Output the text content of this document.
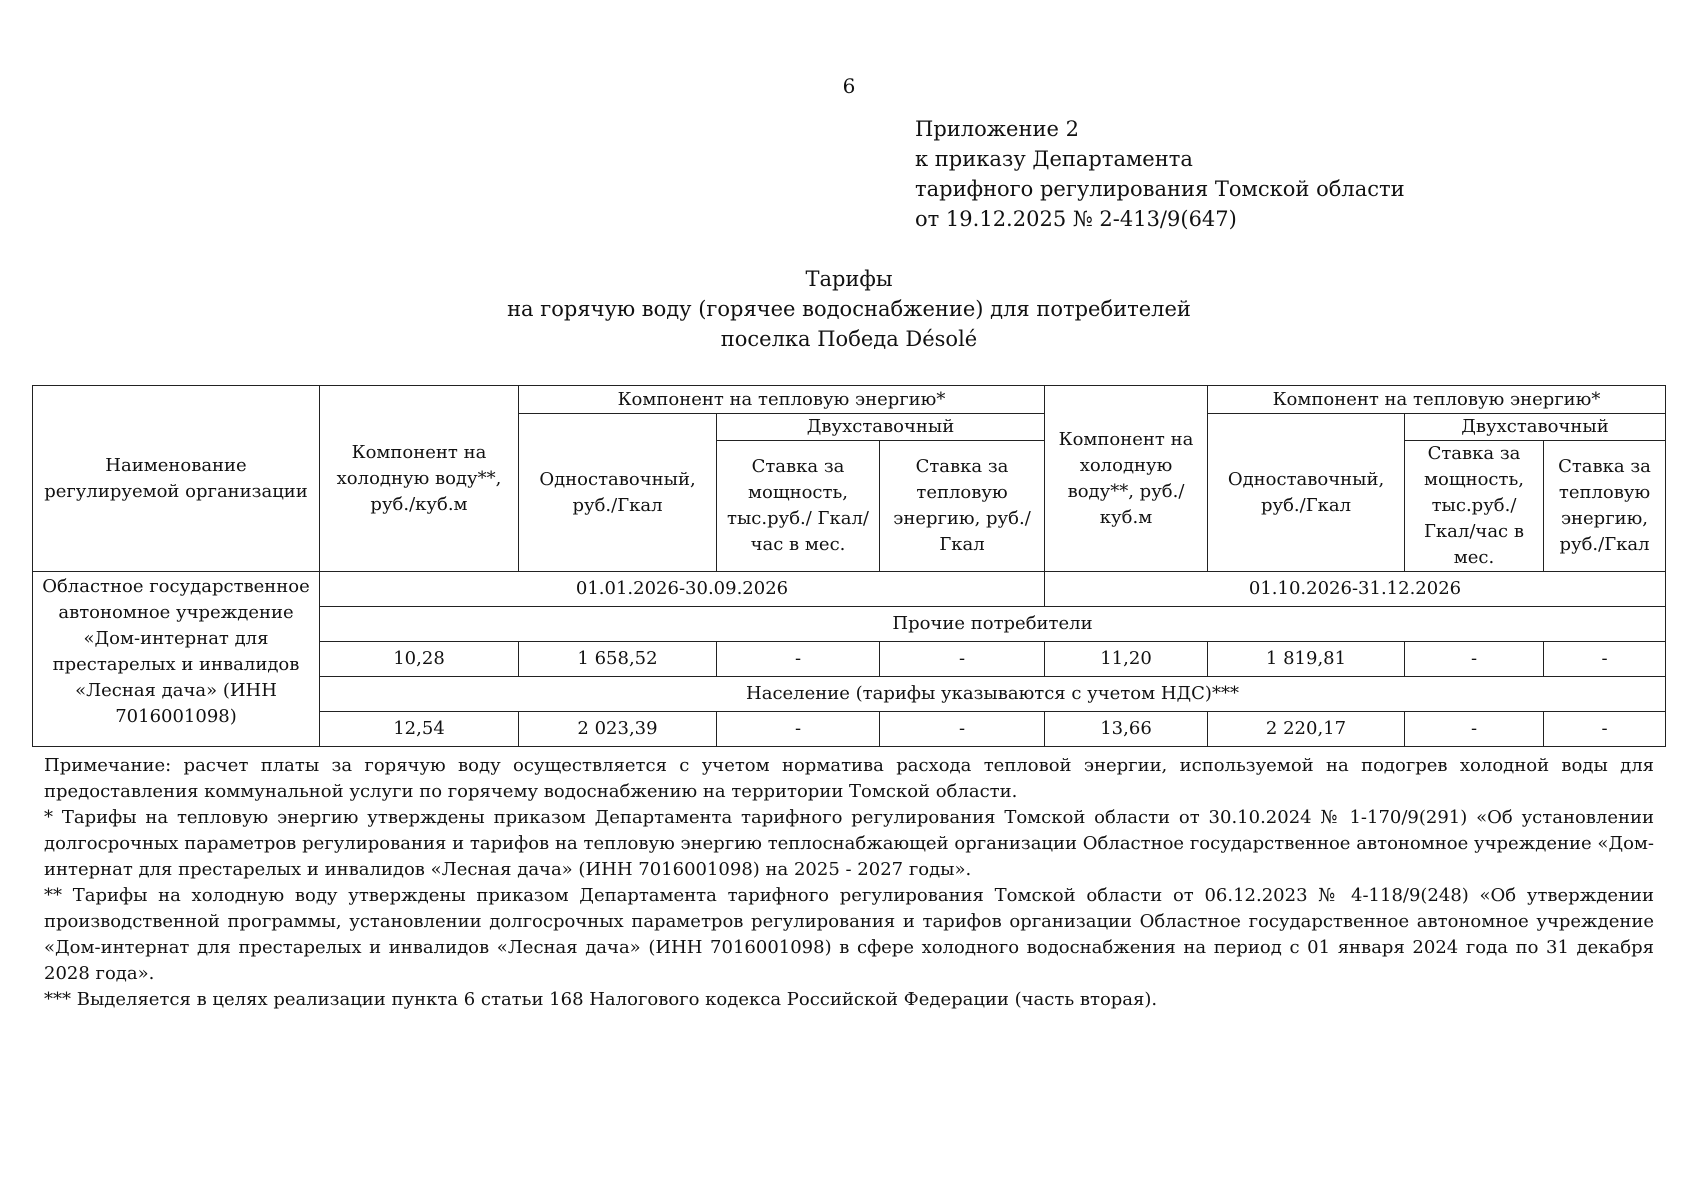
6
Приложение 2
к приказу Департамента
тарифного регулирования Томской области
от 19.12.2025 № 2-413/9(647)
Тарифы
на горячую воду (горячее водоснабжение) для потребителей
поселка Победа Désolé
Наименование регулируемой организации	Компонент на холодную воду**, руб./куб.м	Компонент на тепловую энергию*			Компонент на холодную воду**, руб./куб.м	Компонент на тепловую энергию*		
		Одноставочный, руб./Гкал	Двухставочный			Одноставочный, руб./Гкал	Двухставочный	
			Ставка за мощность, тыс.руб./ Гкал/час в мес.	Ставка за тепловую энергию, руб./Гкал			Ставка за мощность, тыс.руб./ Гкал/час в мес.	Ставка за тепловую энергию, руб./Гкал
Областное государственное автономное учреждение «Дом-интернат для престарелых и инвалидов «Лесная дача» (ИНН 7016001098)	01.01.2026-30.09.2026				01.10.2026-31.12.2026			
	Прочие потребители							
	10,28	1 658,52	-	-	11,20	1 819,81	-	-
	Население (тарифы указываются с учетом НДС)***							
	12,54	2 023,39	-	-	13,66	2 220,17	-	-

Примечание: расчет платы за горячую воду осуществляется с учетом норматива расхода тепловой энергии, используемой на подогрев холодной воды для предоставления коммунальной услуги по горячему водоснабжению на территории Томской области.

* Тарифы на тепловую энергию утверждены приказом Департамента тарифного регулирования Томской области от 30.10.2024 № 1-170/9(291) «Об установлении долгосрочных параметров регулирования и тарифов на тепловую энергию теплоснабжающей организации Областное государственное автономное учреждение «Дом-интернат для престарелых и инвалидов «Лесная дача» (ИНН 7016001098) на 2025 - 2027 годы».

** Тарифы на холодную воду утверждены приказом Департамента тарифного регулирования Томской области от 06.12.2023 № 4-118/9(248) «Об утверждении производственной программы, установлении долгосрочных параметров регулирования и тарифов организации Областное государственное автономное учреждение «Дом-интернат для престарелых и инвалидов «Лесная дача» (ИНН 7016001098) в сфере холодного водоснабжения на период с 01 января 2024 года по 31 декабря 2028 года».

*** Выделяется в целях реализации пункта 6 статьи 168 Налогового кодекса Российской Федерации (часть вторая).
